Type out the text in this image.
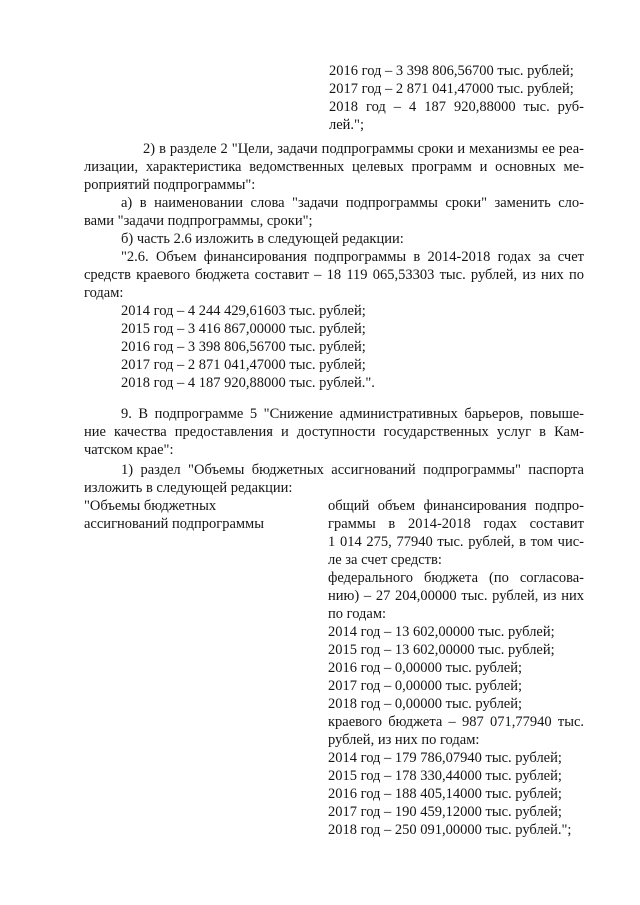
2016 год – 3 398 806,56700 тыс. рублей;

2017 год – 2 871 041,47000 тыс. рублей;

2018 год – 4 187 920,88000 тыс. руб-

лей.";

2) в разделе 2 "Цели, задачи подпрограммы сроки и механизмы ее реа-

лизации, характеристика ведомственных целевых программ и основных ме-

роприятий подпрограммы":

а) в наименовании слова "задачи подпрограммы сроки" заменить сло-

вами "задачи подпрограммы, сроки";

б) часть 2.6 изложить в следующей редакции:

"2.6. Объем финансирования подпрограммы в 2014-2018 годах за счет

средств краевого бюджета составит – 18 119 065,53303 тыс. рублей, из них по

годам:

2014 год – 4 244 429,61603 тыс. рублей;

2015 год – 3 416 867,00000 тыс. рублей;

2016 год – 3 398 806,56700 тыс. рублей;

2017 год – 2 871 041,47000 тыс. рублей;

2018 год – 4 187 920,88000 тыс. рублей.".

9. В подпрограмме 5 "Снижение административных барьеров, повыше-

ние качества предоставления и доступности государственных услуг в Кам-

чатском крае":

1) раздел "Объемы бюджетных ассигнований подпрограммы" паспорта

изложить в следующей редакции:

"Объемы бюджетных

ассигнований подпрограммы

общий объем финансирования подпро-

граммы в 2014-2018 годах составит

1 014 275, 77940 тыс. рублей, в том чис-

ле за счет средств:

федерального бюджета (по согласова-

нию) – 27 204,00000 тыс. рублей, из них

по годам:

2014 год – 13 602,00000 тыс. рублей;

2015 год – 13 602,00000 тыс. рублей;

2016 год – 0,00000 тыс. рублей;

2017 год – 0,00000 тыс. рублей;

2018 год – 0,00000 тыс. рублей;

краевого бюджета – 987 071,77940 тыс.

рублей, из них по годам:

2014 год – 179 786,07940 тыс. рублей;

2015 год – 178 330,44000 тыс. рублей;

2016 год – 188 405,14000 тыс. рублей;

2017 год – 190 459,12000 тыс. рублей;

2018 год – 250 091,00000 тыс. рублей.";
